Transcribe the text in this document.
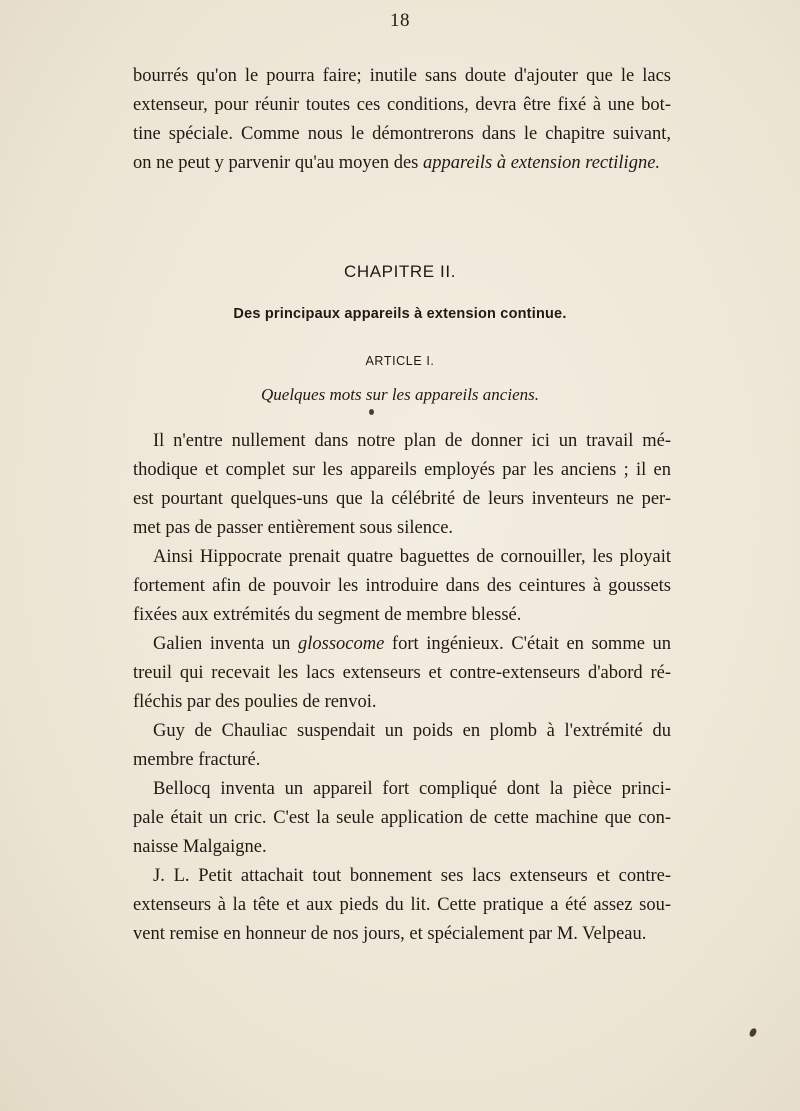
18
bourrés qu'on le pourra faire; inutile sans doute d'ajouter que le lacs
extenseur, pour réunir toutes ces conditions, devra être fixé à une bot-
tine spéciale. Comme nous le démontrerons dans le chapitre suivant,
on ne peut y parvenir qu'au moyen des appareils à extension rectiligne.
CHAPITRE II.
Des principaux appareils à extension continue.
ARTICLE I.
Quelques mots sur les appareils anciens.
Il n'entre nullement dans notre plan de donner ici un travail mé-
thodique et complet sur les appareils employés par les anciens ; il en
est pourtant quelques-uns que la célébrité de leurs inventeurs ne per-
met pas de passer entièrement sous silence.
Ainsi Hippocrate prenait quatre baguettes de cornouiller, les ployait
fortement afin de pouvoir les introduire dans des ceintures à goussets
fixées aux extrémités du segment de membre blessé.
Galien inventa un glossocome fort ingénieux. C'était en somme un
treuil qui recevait les lacs extenseurs et contre-extenseurs d'abord ré-
fléchis par des poulies de renvoi.
Guy de Chauliac suspendait un poids en plomb à l'extrémité du
membre fracturé.
Bellocq inventa un appareil fort compliqué dont la pièce princi-
pale était un cric. C'est la seule application de cette machine que con-
naisse Malgaigne.
J. L. Petit attachait tout bonnement ses lacs extenseurs et contre-
extenseurs à la tête et aux pieds du lit. Cette pratique a été assez sou-
vent remise en honneur de nos jours, et spécialement par M. Velpeau.
